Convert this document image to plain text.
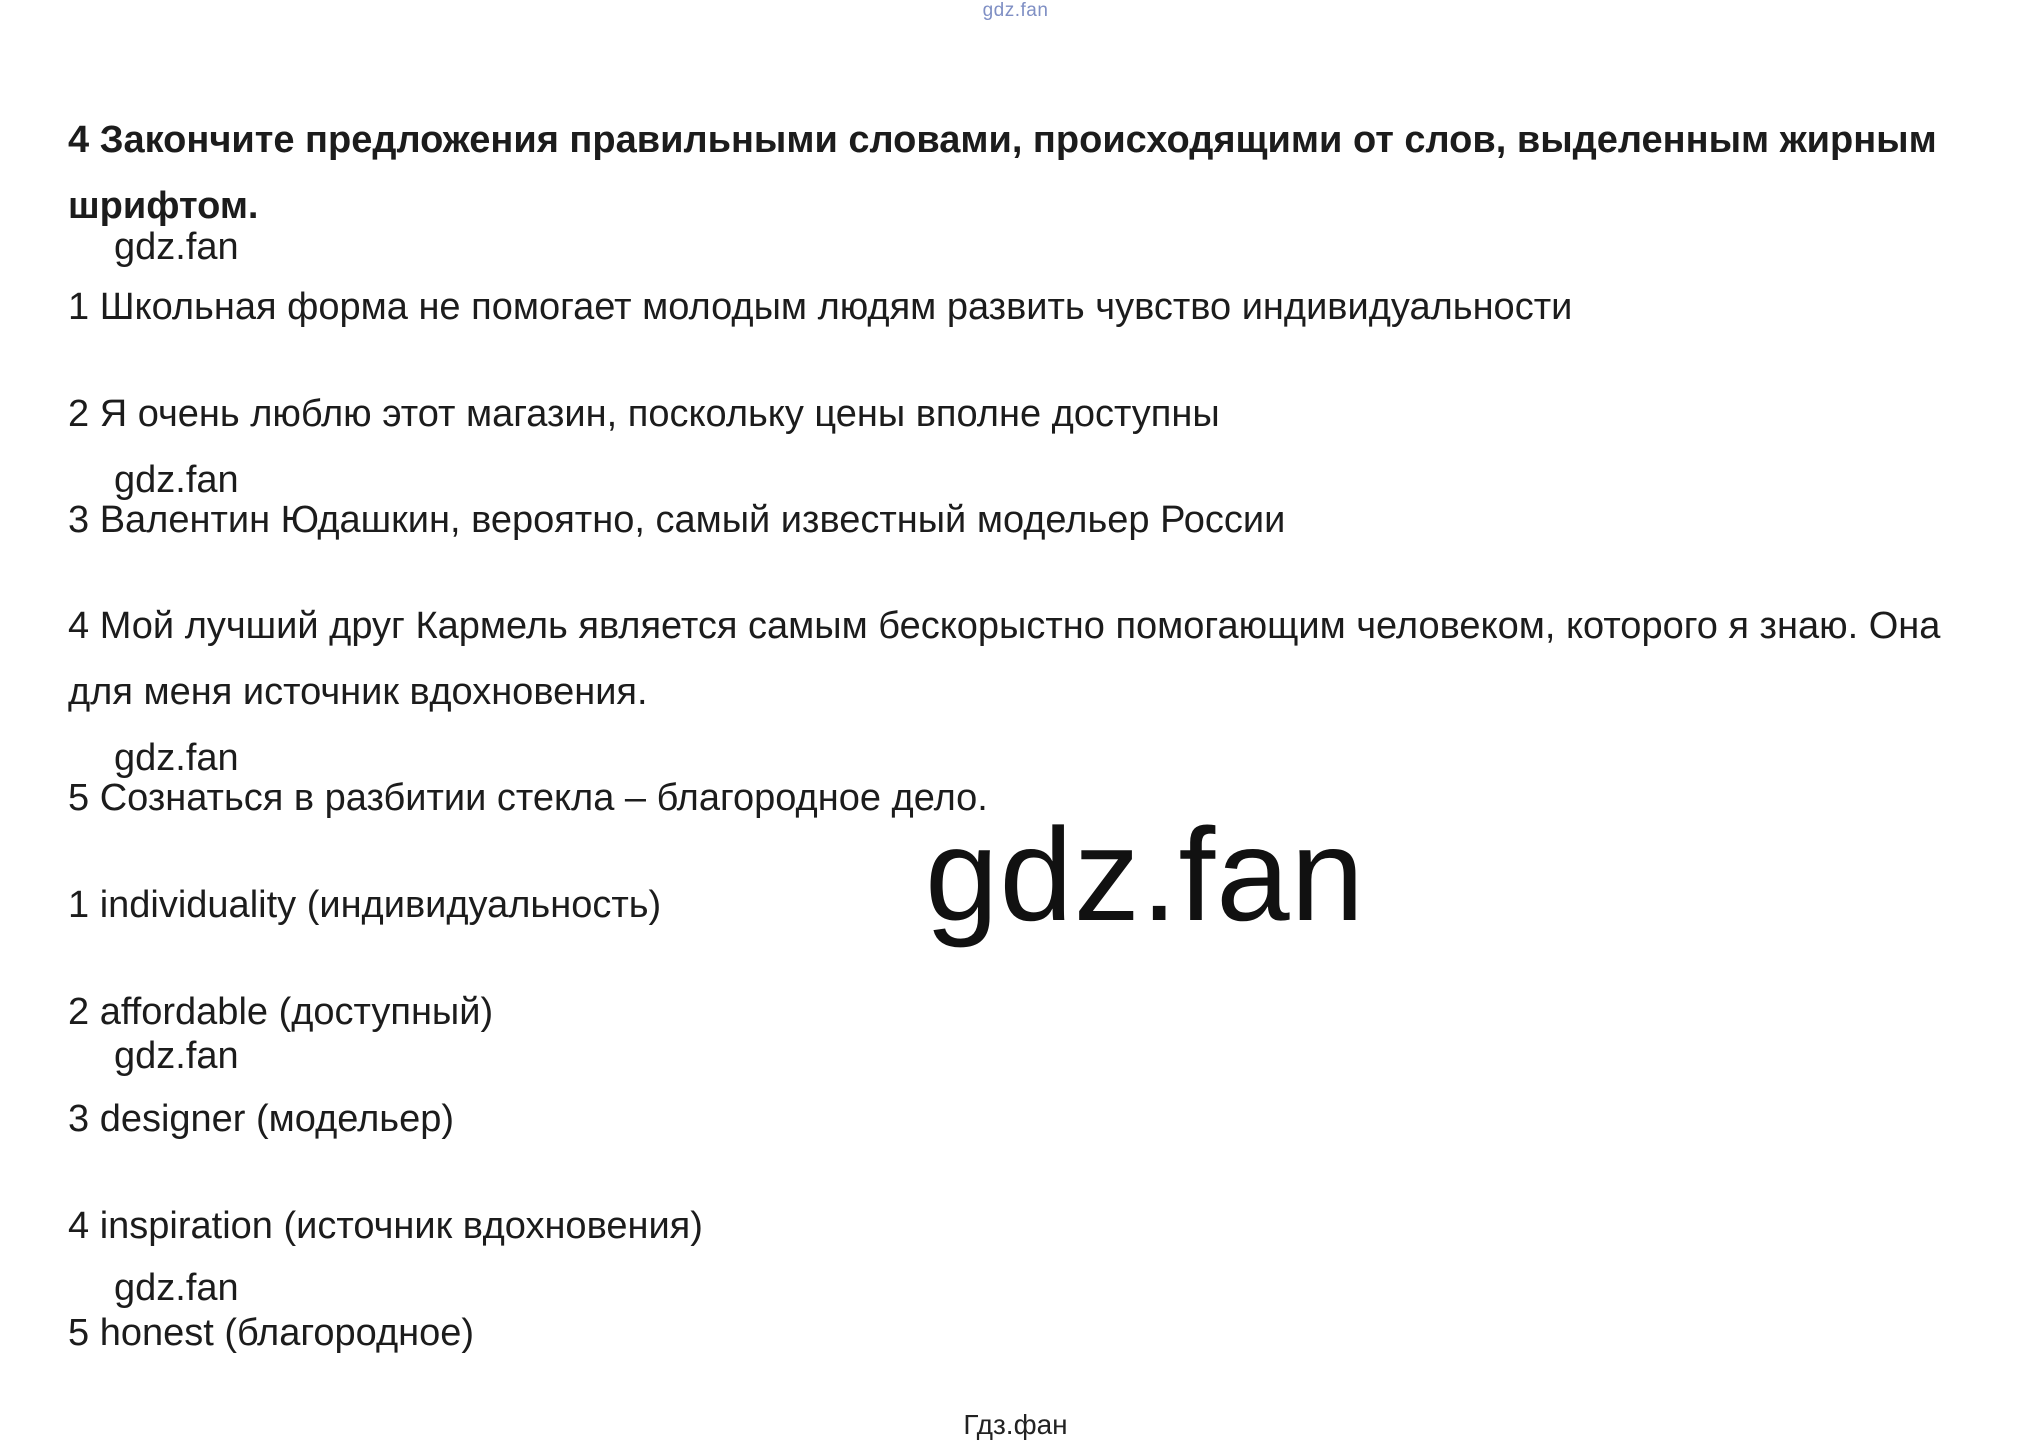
gdz.fan
4 Закончите предложения правильными словами, происходящими от слов, выделенным жирным шрифтом.
gdz.fan
1 Школьная форма не помогает молодым людям развить чувство индивидуальности
2 Я очень люблю этот магазин, поскольку цены вполне доступны
gdz.fan
3 Валентин Юдашкин, вероятно, самый известный модельер России
4 Мой лучший друг Кармель является самым бескорыстно помогающим человеком, которого я знаю. Она для меня источник вдохновения.
gdz.fan
5 Сознаться в разбитии стекла – благородное дело.
gdz.fan
1 individuality (индивидуальность)
2 affordable (доступный)
gdz.fan
3 designer (модельер)
4 inspiration (источник вдохновения)
gdz.fan
5 honest (благородное)
Гдз.фан
